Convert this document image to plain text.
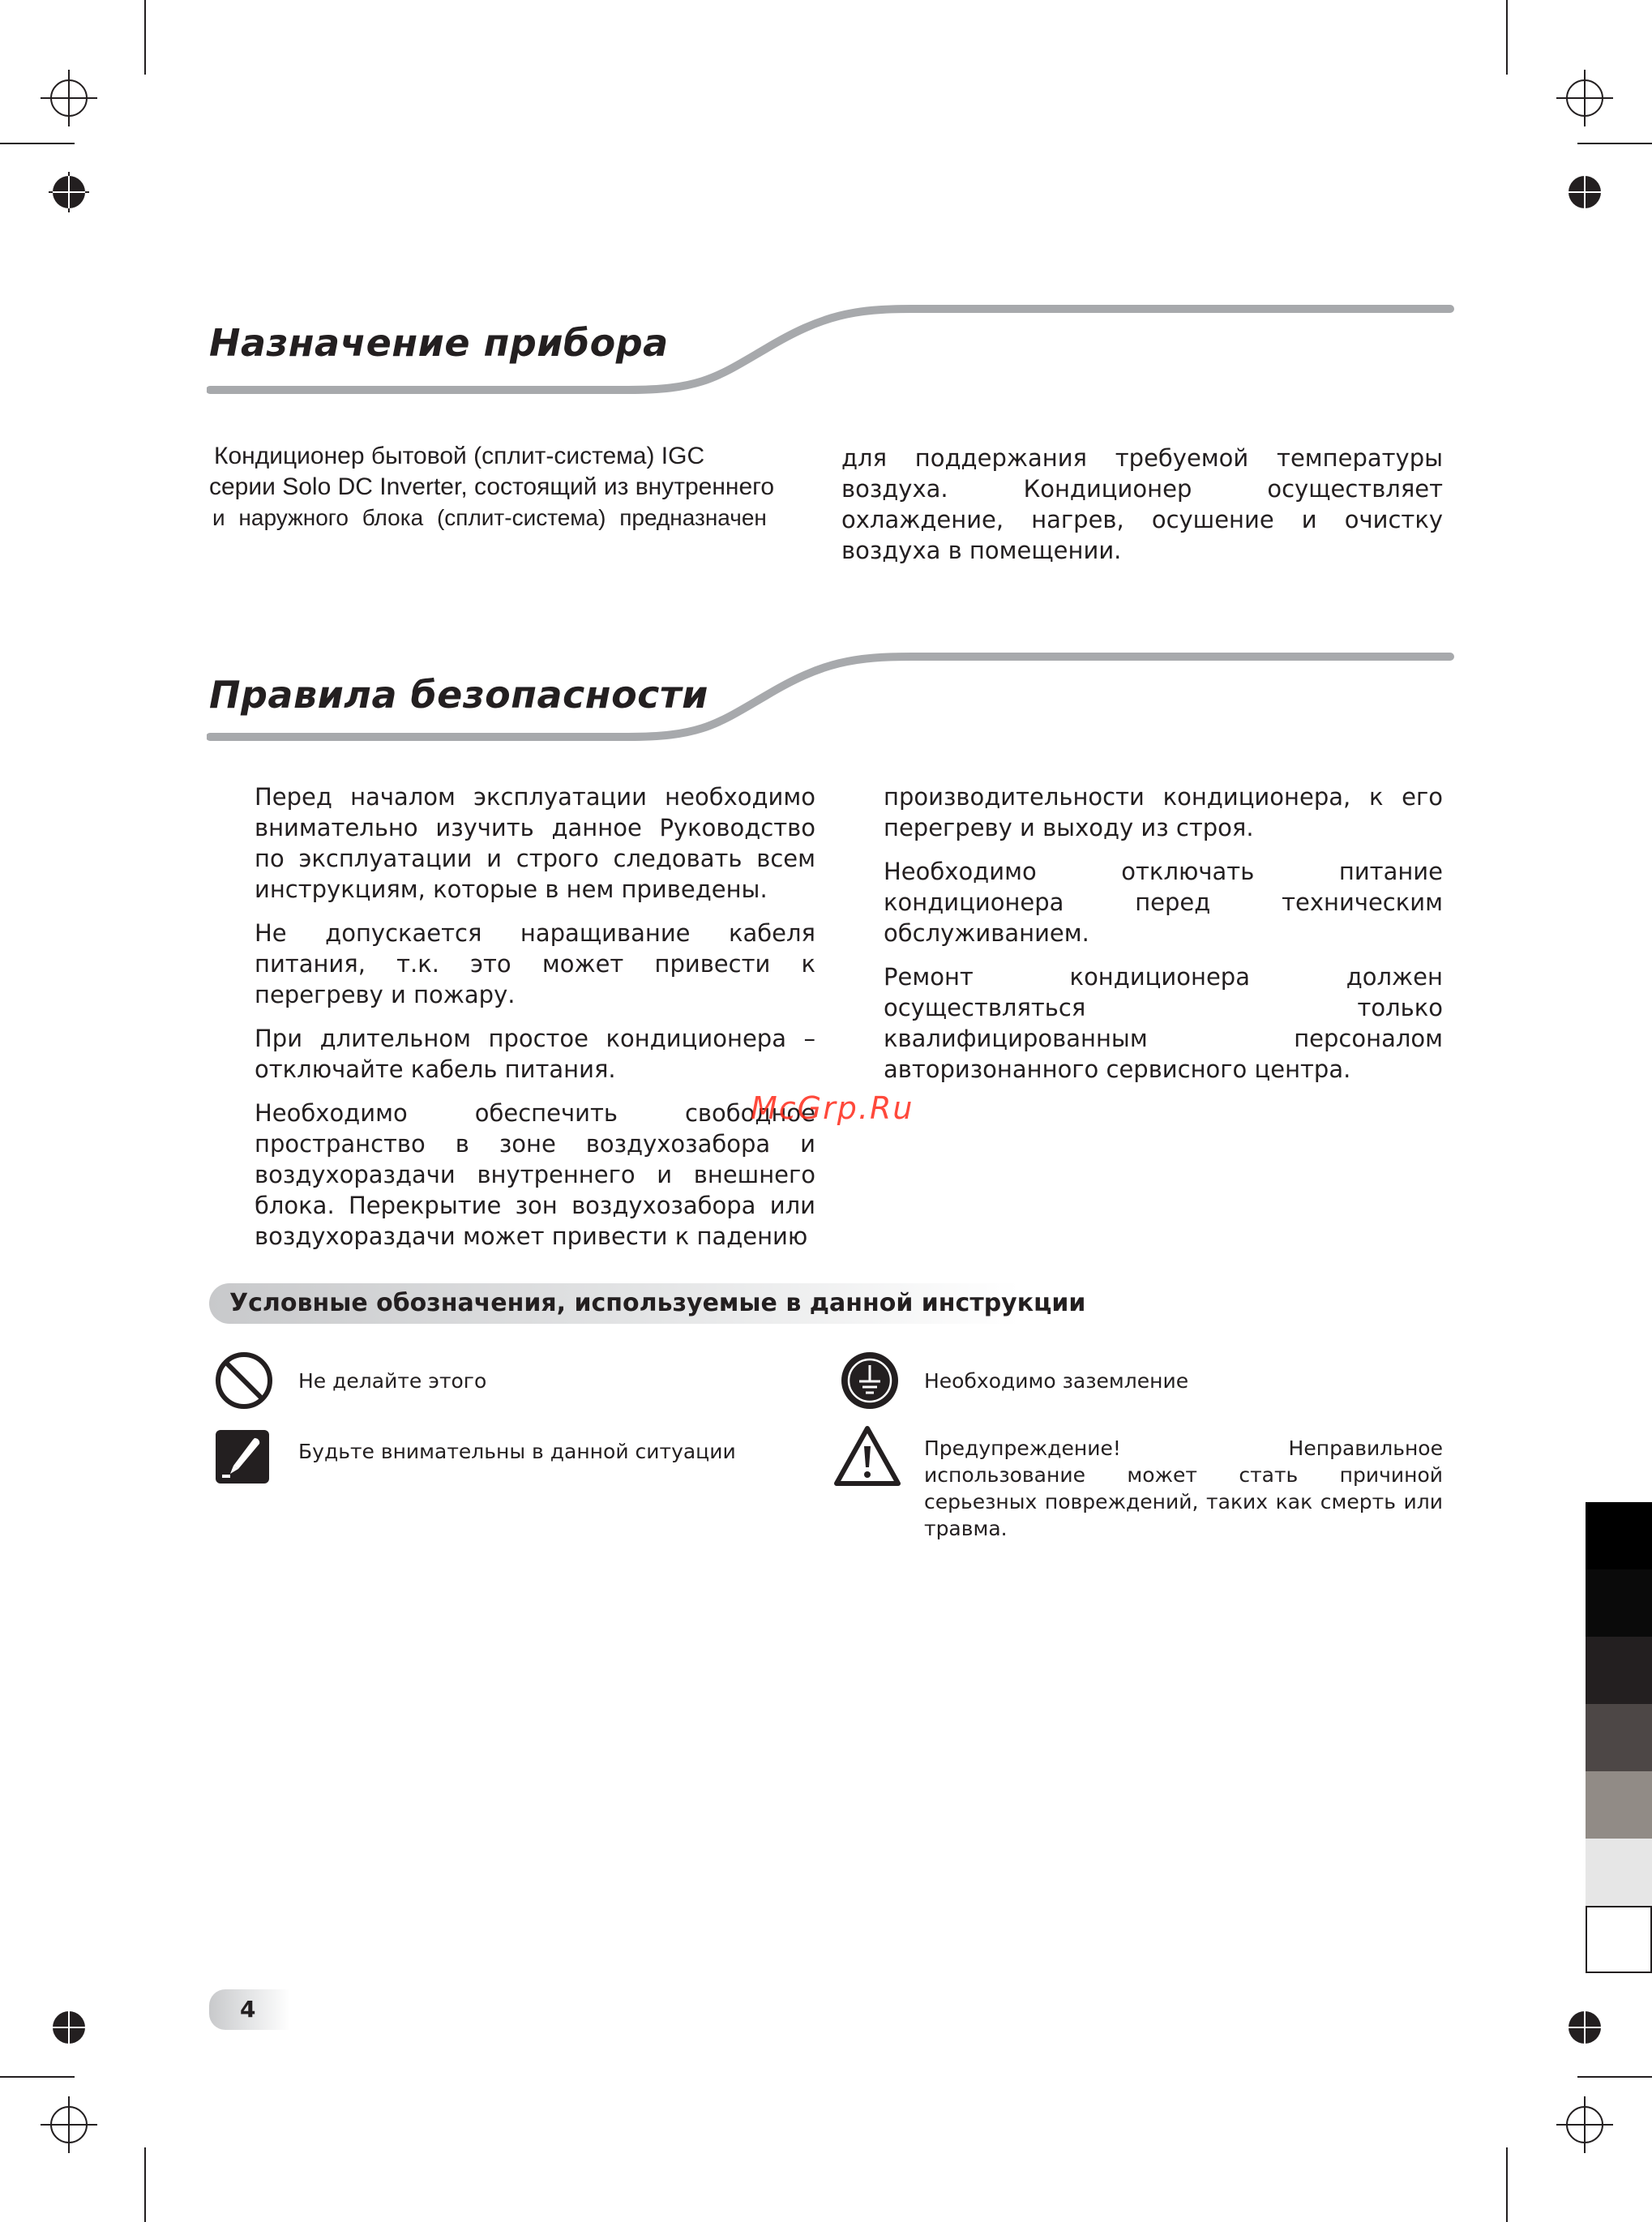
Назначение прибора
Кондиционер бытовой (сплит-система) IGC
серии Solo DC Inverter, состоящий из внутреннего
и наружного блока (сплит-система) предназначен

для поддержания требуемой температуры воздуха. Кондиционер осуществляет охлаждение, нагрев, осушение и очистку воздуха в помещении.

Правила безопасности

Перед началом эксплуатации необходимо внимательно изучить данное Руководство по эксплуатации и строго следовать всем инструкциям, которые в нем приведены.

Не допускается наращивание кабеля питания, т.к. это может привести к перегреву и пожару.

При длительном простое кондиционера – отключайте кабель питания.

Необходимо обеспечить свободное пространство в зоне воздухозабора и воздухораздачи внутреннего и внешнего блока. Перекрытие зон воздухозабора или воздухораздачи может привести к падению

производительности кондиционера, к его перегреву и выходу из строя.

Необходимо отключать питание кондиционера перед техническим обслуживанием.

Ремонт кондиционера должен осуществляться только квалифицированным персоналом авторизонанного сервисного центра.

McGrp.Ru
Условные обозначения, используемые в данной инструкции
Не делайте этого	Необходимо заземление
Будьте внимательны в данной ситуации	Предупреждение! Неправильное использование может стать причиной серьезных повреждений, таких как смерть или травма.
4
